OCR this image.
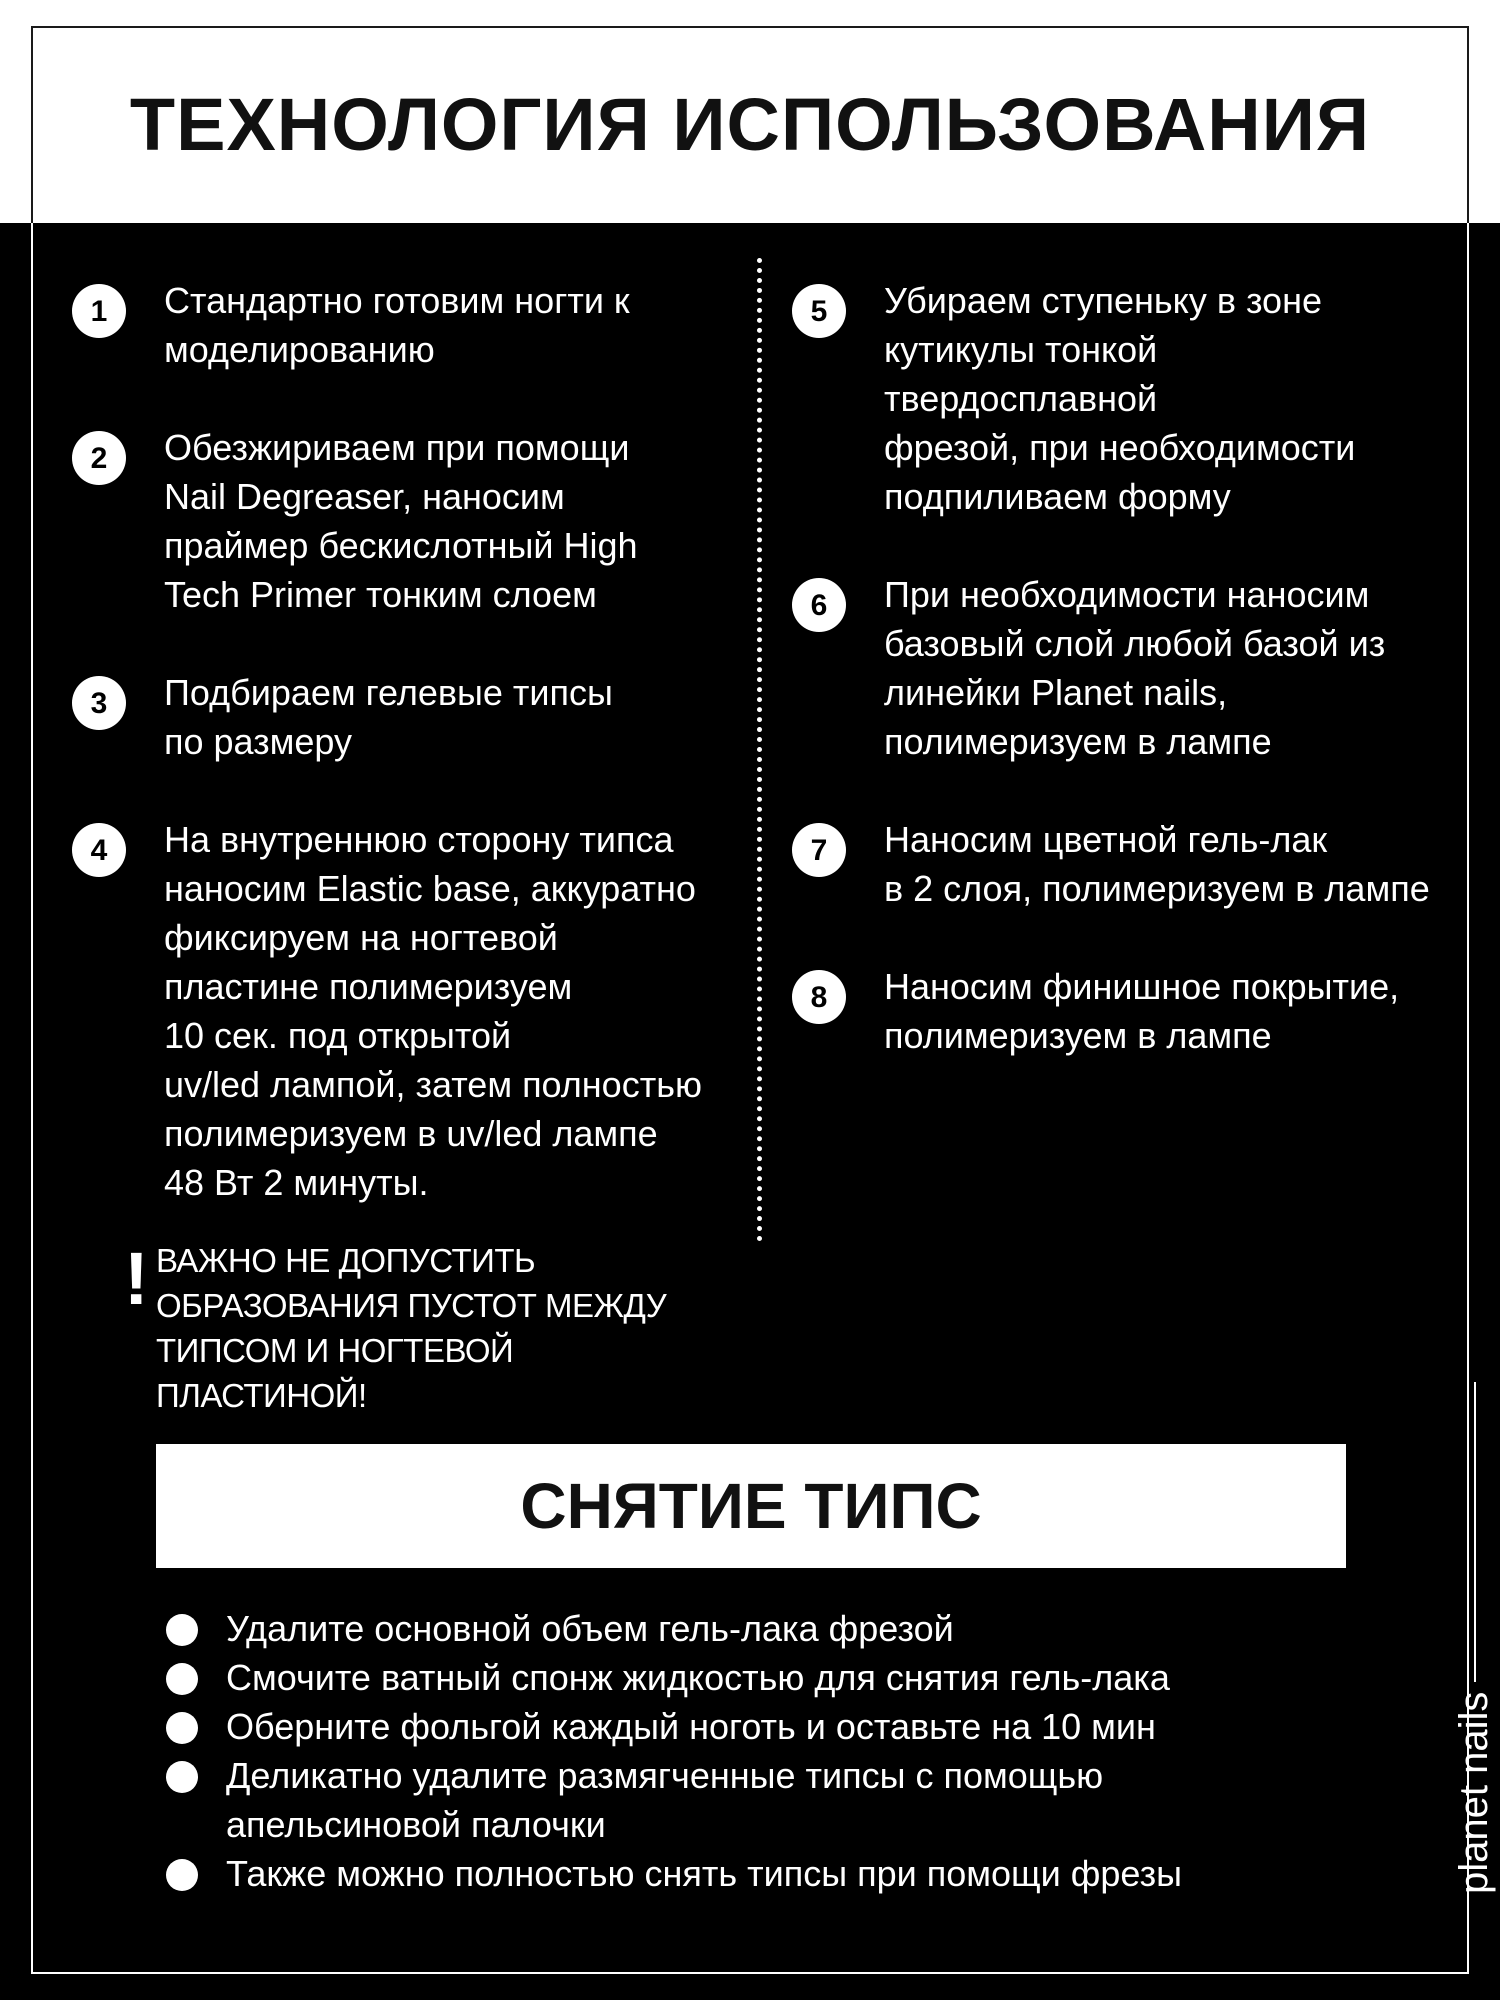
ТЕХНОЛОГИЯ ИСПОЛЬЗОВАНИЯ
1	Стандартно готовим ногти к
моделированию
2	Обезжириваем при помощи
Nail Degreaser, наносим
праймер бескислотный High
Tech Primer тонким слоем
3	Подбираем гелевые типсы
по размеру
4	На внутреннюю сторону типса
наносим Elastic base, аккуратно
фиксируем на ногтевой
пластине полимеризуем
10 сек. под открытой
uv/led лампой, затем полностью
полимеризуем в uv/led лампе
48 Вт 2 минуты.
5	Убираем ступеньку в зоне
кутикулы тонкой
твердосплавной
фрезой, при необходимости
подпиливаем форму
6	При необходимости наносим
базовый слой любой базой из
линейки Planet nails,
полимеризуем в лампе
7	Наносим цветной гель-лак
в 2 слоя, полимеризуем в лампе
8	Наносим финишное покрытие,
полимеризуем в лампе
! ВАЖНО НЕ ДОПУСТИТЬ
ОБРАЗОВАНИЯ ПУСТОТ МЕЖДУ
ТИПСОМ И НОГТЕВОЙ
ПЛАСТИНОЙ!
СНЯТИЕ ТИПС
Удалите основной объем гель-лака фрезой
Смочите ватный спонж жидкостью для снятия гель-лака
Оберните фольгой каждый ноготь и оставьте на 10 мин
Деликатно удалите размягченные типсы с помощью
апельсиновой палочки
Также можно полностью снять типсы при помощи фрезы	planet nails
